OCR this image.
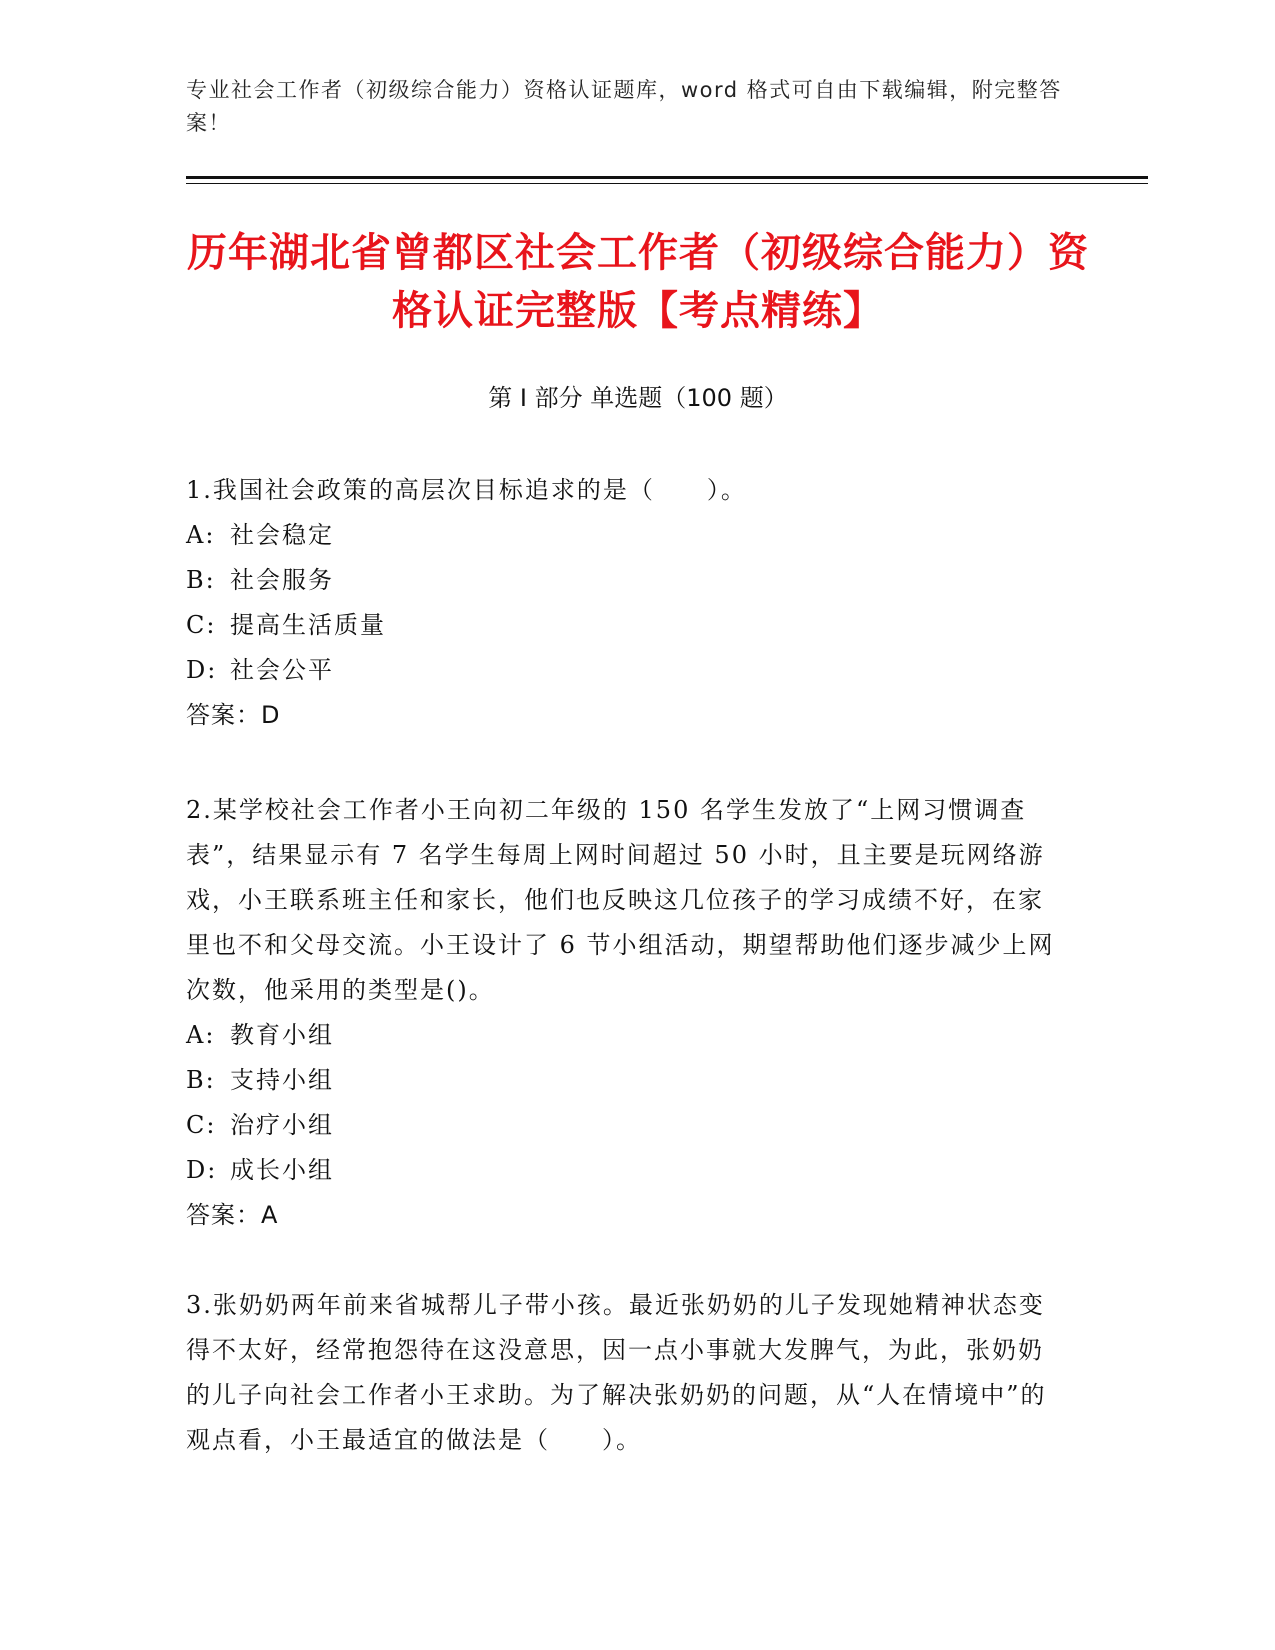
专业社会工作者（初级综合能力）资格认证题库，word 格式可自由下载编辑，附完整答案！
历年湖北省曾都区社会工作者（初级综合能力）资格认证完整版【考点精练】
第 I 部分 单选题（100 题）

1.我国社会政策的高层次目标追求的是（　　）。

A: 社会稳定

B: 社会服务

C: 提高生活质量

D: 社会公平

答案：D

2.某学校社会工作者小王向初二年级的 150 名学生发放了“上网习惯调查表”，结果显示有 7 名学生每周上网时间超过 50 小时，且主要是玩网络游戏，小王联系班主任和家长，他们也反映这几位孩子的学习成绩不好，在家里也不和父母交流。小王设计了 6 节小组活动，期望帮助他们逐步减少上网次数，他采用的类型是()。

A: 教育小组

B: 支持小组

C: 治疗小组

D: 成长小组

答案：A

3.张奶奶两年前来省城帮儿子带小孩。最近张奶奶的儿子发现她精神状态变得不太好，经常抱怨待在这没意思，因一点小事就大发脾气，为此，张奶奶的儿子向社会工作者小王求助。为了解决张奶奶的问题，从“人在情境中”的观点看，小王最适宜的做法是（　　）。
